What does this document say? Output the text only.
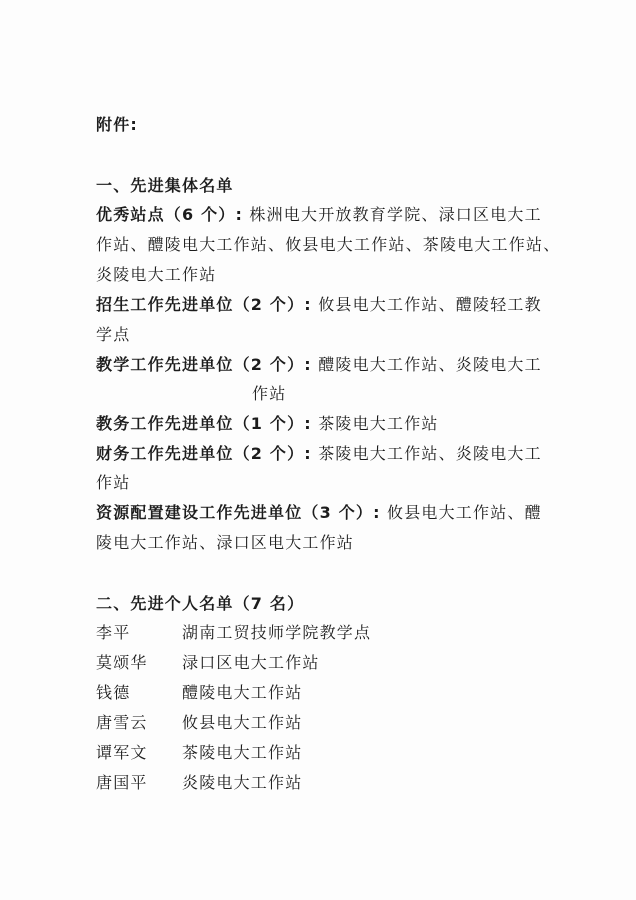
附件:
一、先进集体名单
优秀站点（6 个）: 株洲电大开放教育学院、渌口区电大工
作站、醴陵电大工作站、攸县电大工作站、茶陵电大工作站、
炎陵电大工作站
招生工作先进单位（2 个）: 攸县电大工作站、醴陵轻工教
学点
教学工作先进单位（2 个）: 醴陵电大工作站、炎陵电大工
作站
教务工作先进单位（1 个）: 茶陵电大工作站
财务工作先进单位（2 个）: 茶陵电大工作站、炎陵电大工
作站
资源配置建设工作先进单位（3 个）: 攸县电大工作站、醴
陵电大工作站、渌口区电大工作站
二、先进个人名单（7 名）
李平	湖南工贸技师学院教学点
莫颂华 渌口区电大工作站
钱德	醴陵电大工作站
唐雪云 攸县电大工作站
谭军文 茶陵电大工作站
唐国平 炎陵电大工作站
